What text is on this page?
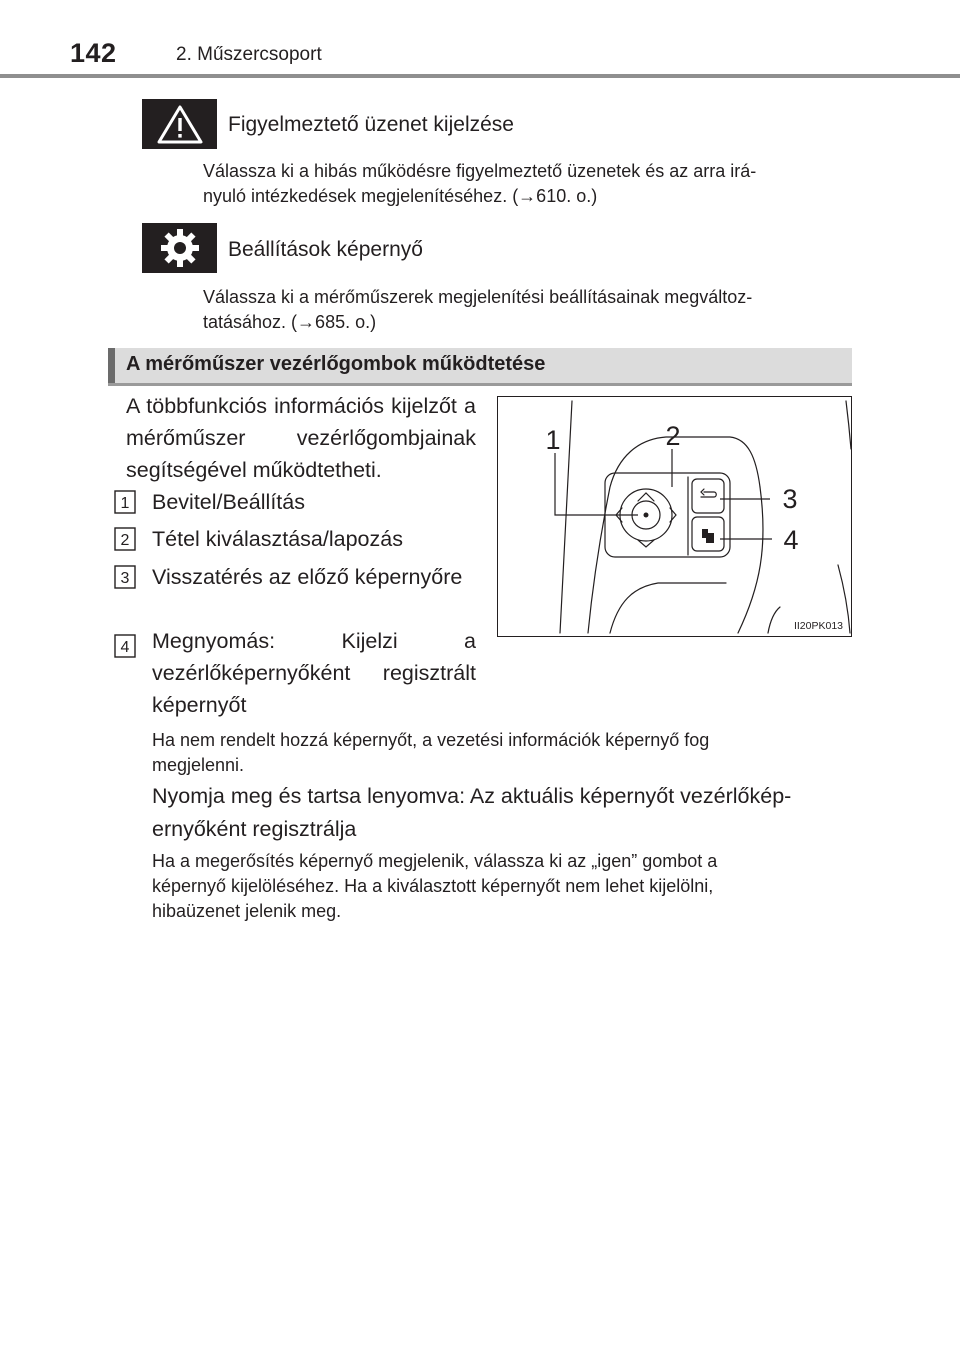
142	2. Műszercsoport
Figyelmeztető üzenet kijelzése
Válassza ki a hibás működésre figyelmeztető üzenetek és az arra irá-
nyuló intézkedések megjelenítéséhez. (→610. o.)
Beállítások képernyő
Válassza ki a mérőműszerek megjelenítési beállításainak megváltoz-
tatásához. (→685. o.)
A mérőműszer vezérlőgombok működtetése
A többfunkciós információs kijelzőt a mérőműszer vezérlőgombjainak segítségével működtetheti.
1 Bevitel/Beállítás
2 Tétel kiválasztása/lapozás
3 Visszatérés az előző képernyőre
4 Megnyomás: Kijelzi a vezérlőképernyőként regisztrált képernyőt
1	2
3
4
II20PK013
Ha nem rendelt hozzá képernyőt, a vezetési információk képernyő fog
megjelenni.
Nyomja meg és tartsa lenyomva: Az aktuális képernyőt vezérlőkép-
ernyőként regisztrálja
Ha a megerősítés képernyő megjelenik, válassza ki az „igen” gombot a
képernyő kijelöléséhez. Ha a kiválasztott képernyőt nem lehet kijelölni,
hibaüzenet jelenik meg.
